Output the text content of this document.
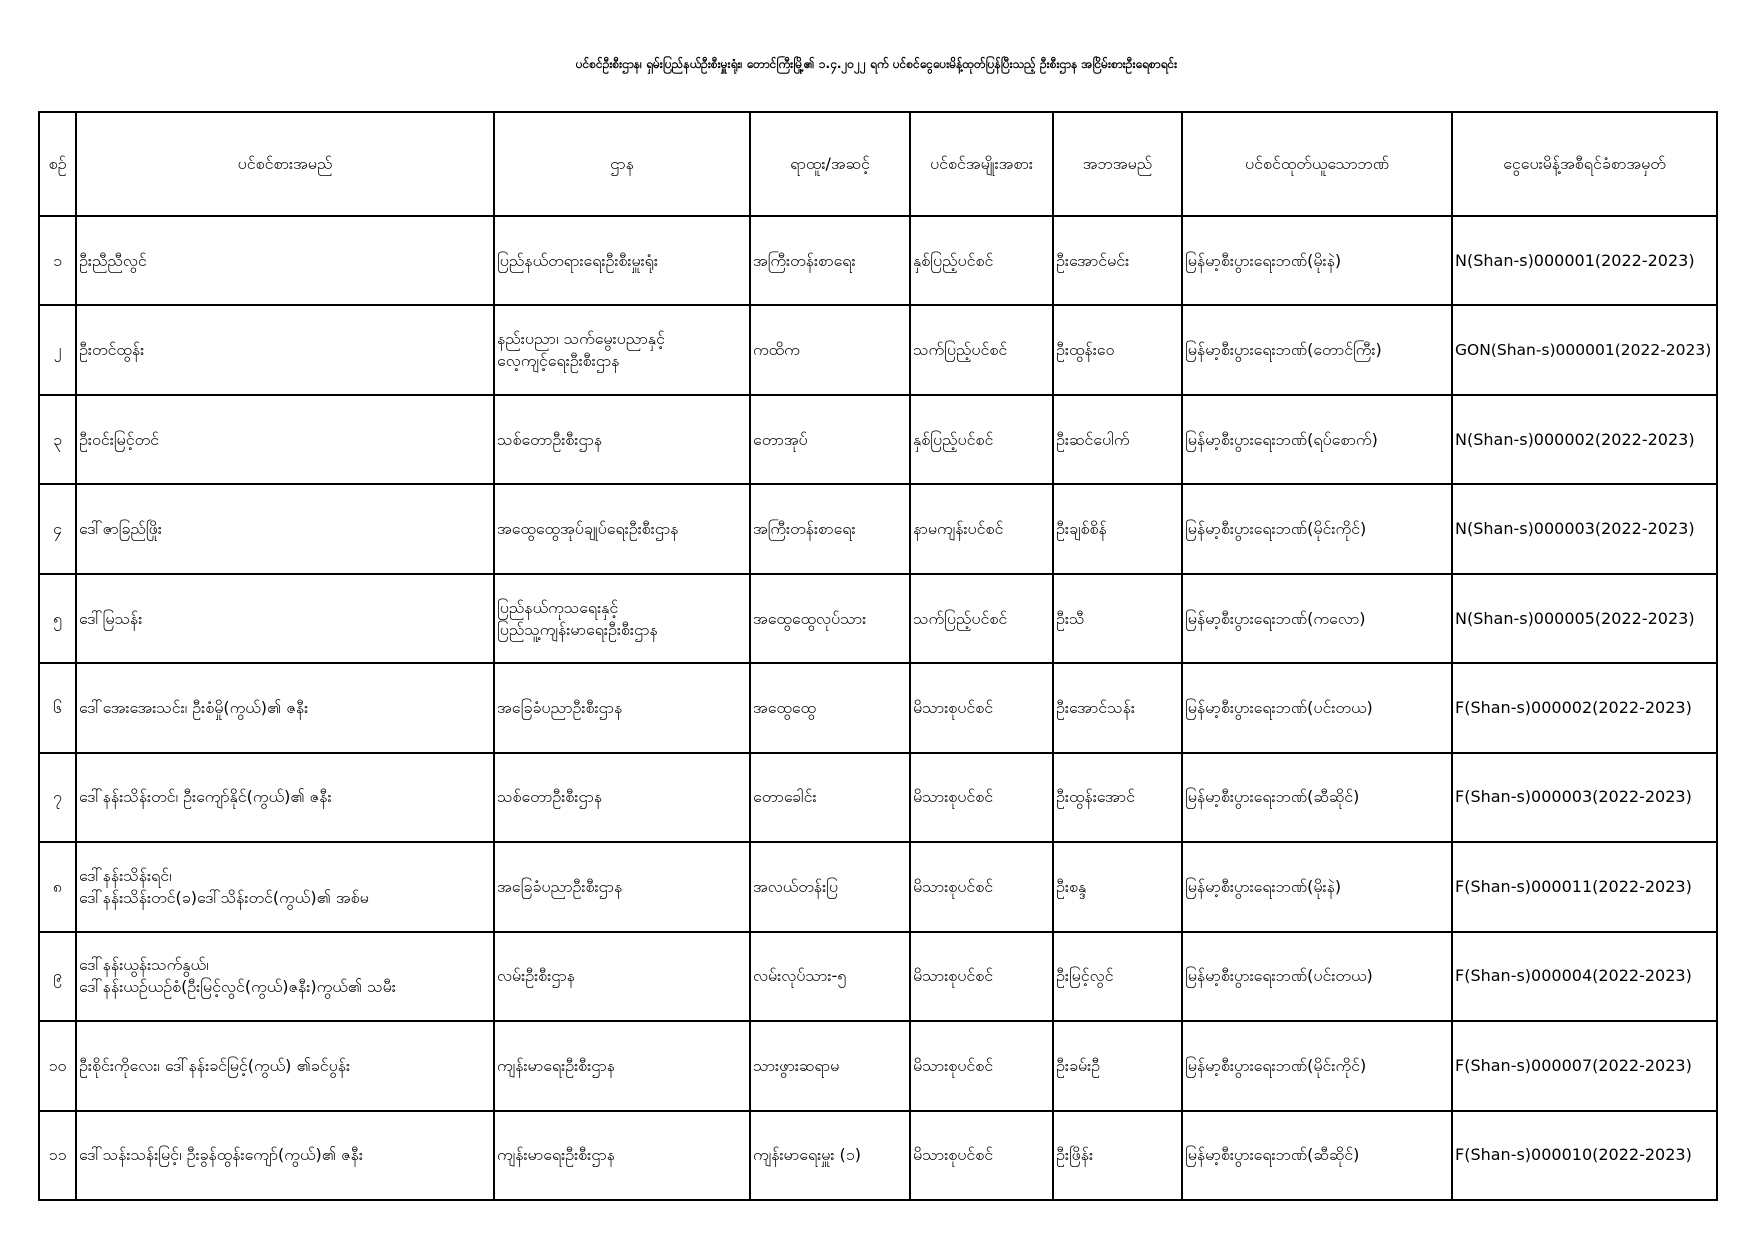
ပင်စင်ဦးစီးဌာန၊ ရှမ်းပြည်နယ်ဦးစီးမှူးရုံး၊ တောင်ကြီးမြို့၏ ၁.၄.၂၀၂၂ ရက် ပင်စင်ငွေပေးမိန့်ထုတ်ပြန်ပြီးသည့် ဦးစီးဌာန အငြိမ်းစားဦးရေစာရင်း
စဉ်	ပင်စင်စားအမည်	ဌာန	ရာထူး/အဆင့်	ပင်စင်အမျိုးအစား	အဘအမည်	ပင်စင်ထုတ်ယူသောဘဏ်	ငွေပေးမိန့်အစီရင်ခံစာအမှတ်
၁	ဦးညီညီလွင်	ပြည်နယ်တရားရေးဦးစီးမှူးရုံး	အကြီးတန်းစာရေး	နှစ်ပြည့်ပင်စင်	ဦးအောင်မင်း	မြန်မာ့စီးပွားရေးဘဏ်(မိုးနဲ)	N(Shan-s)000001(2022-2023)
၂	ဦးတင်ထွန်း	နည်းပညာ၊ သက်မွေးပညာနှင့်
လေ့ကျင့်ရေးဦးစီးဌာန	ကထိက	သက်ပြည့်ပင်စင်	ဦးထွန်းဝေ	မြန်မာ့စီးပွားရေးဘဏ်(တောင်ကြီး)	GON(Shan-s)000001(2022-2023)
၃	ဦးဝင်းမြင့်တင်	သစ်တောဦးစီးဌာန	တောအုပ်	နှစ်ပြည့်ပင်စင်	ဦးဆင်ပေါက်	မြန်မာ့စီးပွားရေးဘဏ်(ရပ်စောက်)	N(Shan-s)000002(2022-2023)
၄	ဒေါ်ဇာခြည်ဖြိုး	အထွေထွေအုပ်ချုပ်ရေးဦးစီးဌာန	အကြီးတန်းစာရေး	နာမကျန်းပင်စင်	ဦးချစ်စိန်	မြန်မာ့စီးပွားရေးဘဏ်(မိုင်းကိုင်)	N(Shan-s)000003(2022-2023)
၅	ဒေါ်မြသန်း	ပြည်နယ်ကုသရေးနှင့်
ပြည်သူ့ကျန်းမာရေးဦးစီးဌာန	အထွေထွေလုပ်သား	သက်ပြည့်ပင်စင်	ဦးသီ	မြန်မာ့စီးပွားရေးဘဏ်(ကလော)	N(Shan-s)000005(2022-2023)
၆	ဒေါ်အေးအေးသင်း၊ ဦးစံမှို(ကွယ်)၏ ဇနီး	အခြေခံပညာဦးစီးဌာန	အထွေထွေ	မိသားစုပင်စင်	ဦးအောင်သန်း	မြန်မာ့စီးပွားရေးဘဏ်(ပင်းတယ)	F(Shan-s)000002(2022-2023)
၇	ဒေါ်နန်းသိန်းတင်၊ ဦးကျော်နိုင်(ကွယ်)၏ ဇနီး	သစ်တောဦးစီးဌာန	တောခေါင်း	မိသားစုပင်စင်	ဦးထွန်းအောင်	မြန်မာ့စီးပွားရေးဘဏ်(ဆီဆိုင်)	F(Shan-s)000003(2022-2023)
၈	ဒေါ်နန်းသိန်းရင်၊
ဒေါ်နန်းသိန်းတင်(ခ)ဒေါ်သိန်းတင်(ကွယ်)၏ အစ်မ	အခြေခံပညာဦးစီးဌာန	အလယ်တန်းပြ	မိသားစုပင်စင်	ဦးစန္ဒ	မြန်မာ့စီးပွားရေးဘဏ်(မိုးနဲ)	F(Shan-s)000011(2022-2023)
၉	ဒေါ်နန်းယွန်းသက်နွယ်၊
ဒေါ်နန်းယဉ်ယဉ်စံ(ဦးမြင့်လွင်(ကွယ်)ဇနီး)ကွယ်၏ သမီး	လမ်းဦးစီးဌာန	လမ်းလုပ်သား-၅	မိသားစုပင်စင်	ဦးမြင့်လွင်	မြန်မာ့စီးပွားရေးဘဏ်(ပင်းတယ)	F(Shan-s)000004(2022-2023)
၁၀	ဦးစိုင်းကိုလေး၊ ဒေါ်နန်းခင်မြင့်(ကွယ်) ၏ခင်ပွန်း	ကျန်းမာရေးဦးစီးဌာန	သားဖွားဆရာမ	မိသားစုပင်စင်	ဦးခမ်းဦ	မြန်မာ့စီးပွားရေးဘဏ်(မိုင်းကိုင်)	F(Shan-s)000007(2022-2023)
၁၁	ဒေါ်သန်းသန်းမြင့်၊ ဦးခွန်ထွန်းကျော်(ကွယ်)၏ ဇနီး	ကျန်းမာရေးဦးစီးဌာန	ကျန်းမာရေးမှူး (၁)	မိသားစုပင်စင်	ဦးဖြိန်း	မြန်မာ့စီးပွားရေးဘဏ်(ဆီဆိုင်)	F(Shan-s)000010(2022-2023)
